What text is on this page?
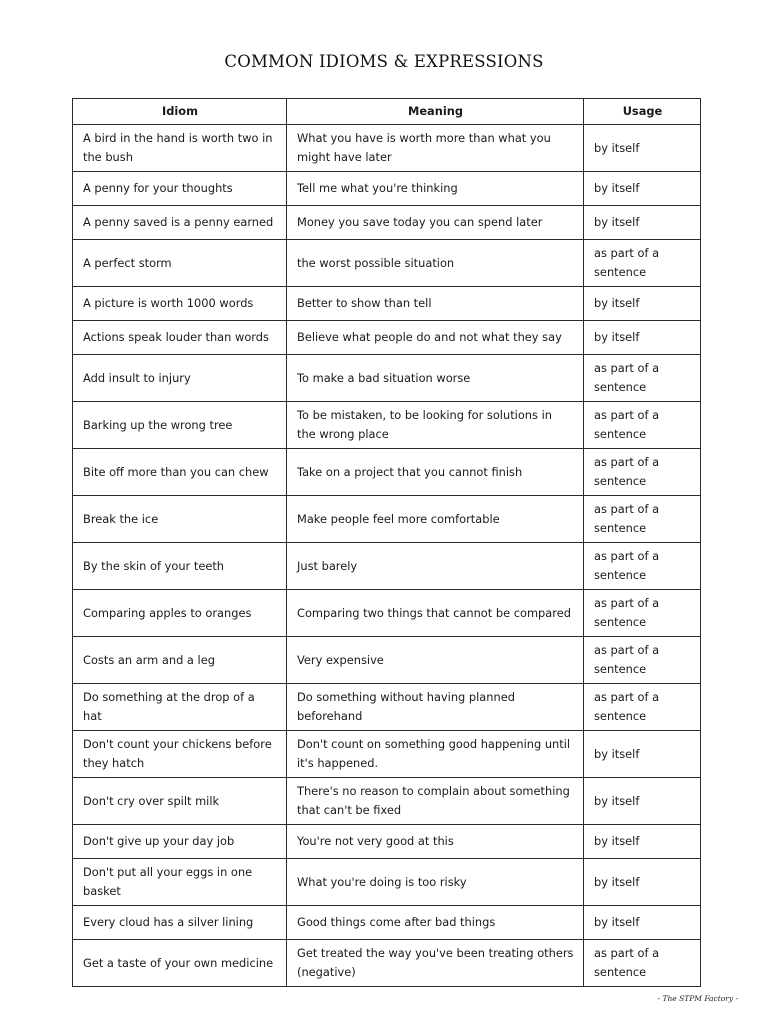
COMMON IDIOMS & EXPRESSIONS
Idiom	Meaning	Usage
A bird in the hand is worth two in the bush	What you have is worth more than what you might have later	by itself
A penny for your thoughts	Tell me what you're thinking	by itself
A penny saved is a penny earned	Money you save today you can spend later	by itself
A perfect storm	the worst possible situation	as part of a sentence
A picture is worth 1000 words	Better to show than tell	by itself
Actions speak louder than words	Believe what people do and not what they say	by itself
Add insult to injury	To make a bad situation worse	as part of a sentence
Barking up the wrong tree	To be mistaken, to be looking for solutions in the wrong place	as part of a sentence
Bite off more than you can chew	Take on a project that you cannot finish	as part of a sentence
Break the ice	Make people feel more comfortable	as part of a sentence
By the skin of your teeth	Just barely	as part of a sentence
Comparing apples to oranges	Comparing two things that cannot be compared	as part of a sentence
Costs an arm and a leg	Very expensive	as part of a sentence
Do something at the drop of a hat	Do something without having planned beforehand	as part of a sentence
Don't count your chickens before they hatch	Don't count on something good happening until it's happened.	by itself
Don't cry over spilt milk	There's no reason to complain about something that can't be fixed	by itself
Don't give up your day job	You're not very good at this	by itself
Don't put all your eggs in one basket	What you're doing is too risky	by itself
Every cloud has a silver lining	Good things come after bad things	by itself
Get a taste of your own medicine	Get treated the way you've been treating others (negative)	as part of a sentence
- The STPM Factory -
